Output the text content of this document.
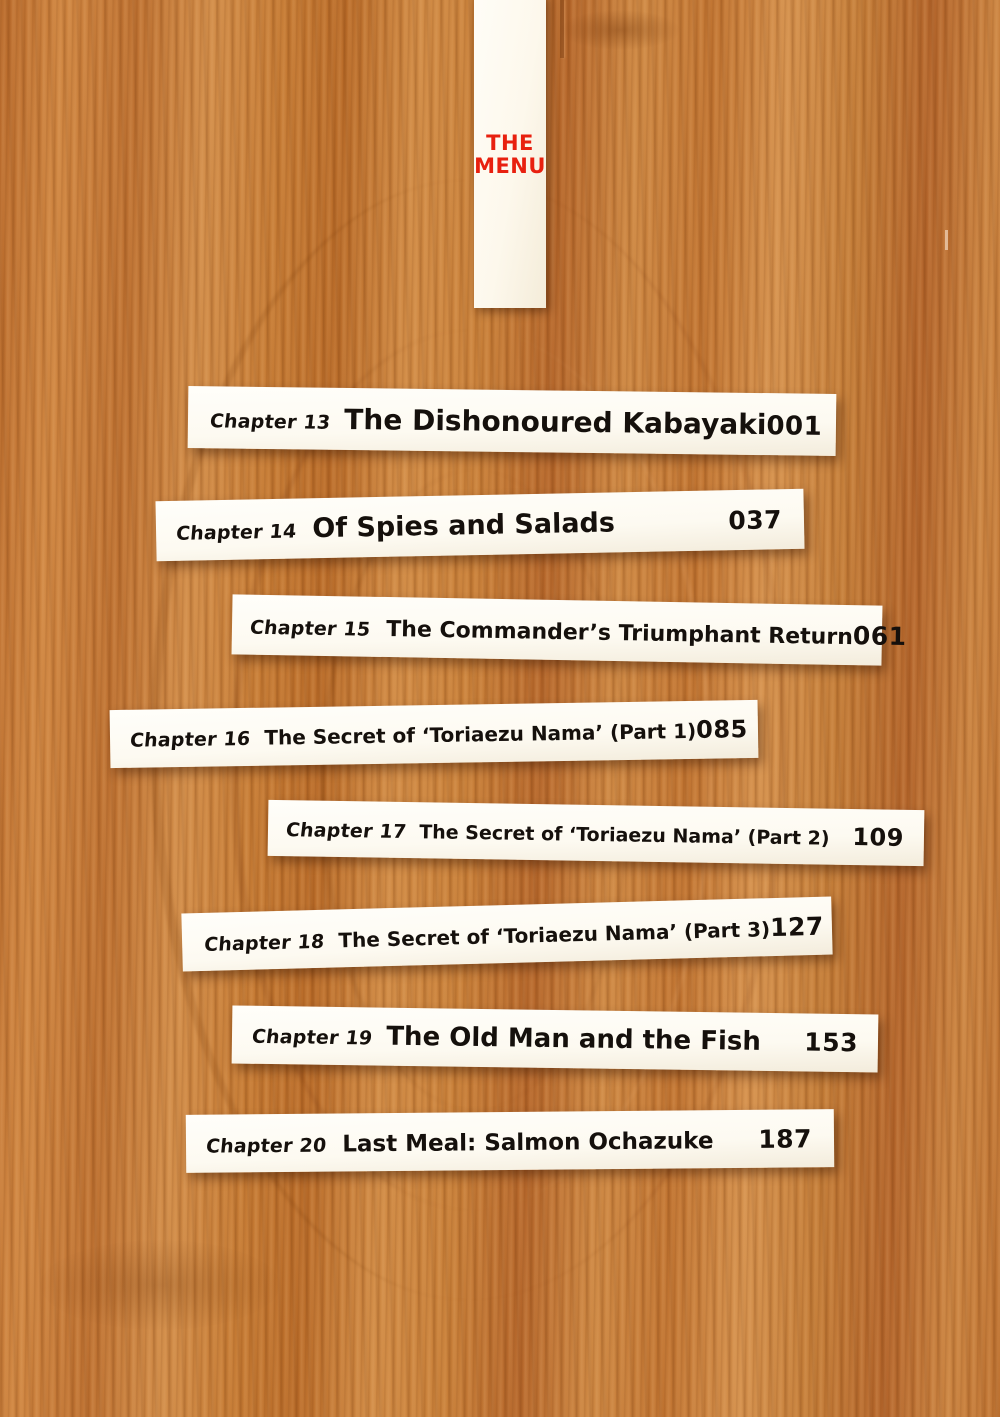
THE
MENU
Chapter 13 The Dishonoured Kabayaki 001
Chapter 14 Of Spies and Salads	037
Chapter 15 The Commander’s Triumphant Return 061
Chapter 16 The Secret of ‘Toriaezu Nama’ (Part 1) 085
Chapter 17 The Secret of ‘Toriaezu Nama’ (Part 2) 109
Chapter 18 The Secret of ‘Toriaezu Nama’ (Part 3) 127
Chapter 19 The Old Man and the Fish 153
Chapter 20 Last Meal: Salmon Ochazuke 187
